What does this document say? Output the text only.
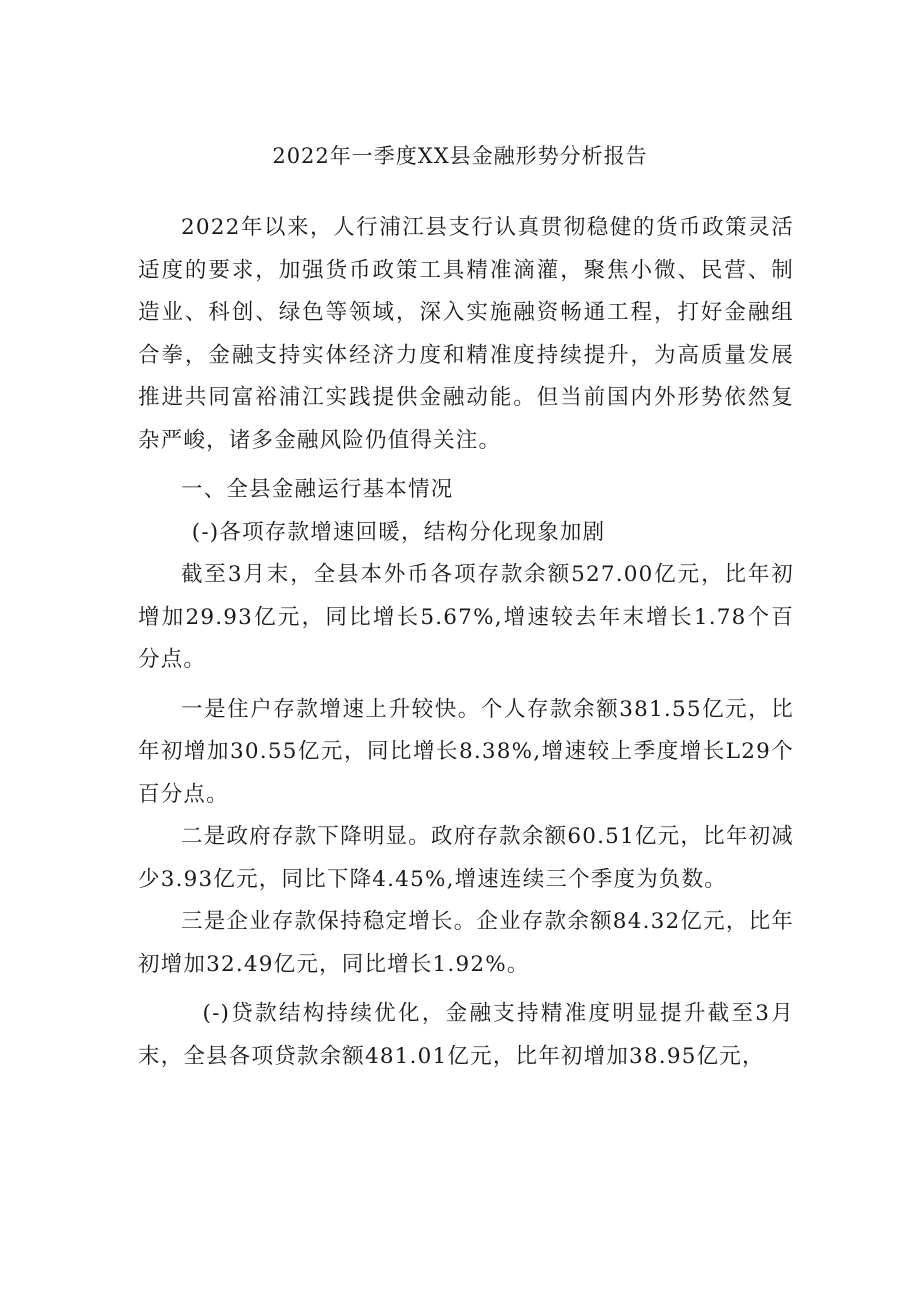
2022年一季度XX县金融形势分析报告

2022年以来，人行浦江县支行认真贯彻稳健的货币政策灵活适度的要求，加强货币政策工具精准滴灌，聚焦小微、民营、制造业、科创、绿色等领域，深入实施融资畅通工程，打好金融组合拳，金融支持实体经济力度和精准度持续提升，为高质量发展推进共同富裕浦江实践提供金融动能。但当前国内外形势依然复杂严峻，诸多金融风险仍值得关注。

一、全县金融运行基本情况

(-)各项存款增速回暖，结构分化现象加剧

截至3月末，全县本外币各项存款余额527.00亿元，比年初增加29.93亿元，同比增长5.67%,增速较去年末增长1.78个百分点。

一是住户存款增速上升较快。个人存款余额381.55亿元，比年初增加30.55亿元，同比增长8.38%,增速较上季度增长L29个百分点。

二是政府存款下降明显。政府存款余额60.51亿元，比年初减少3.93亿元，同比下降4.45%,增速连续三个季度为负数。

三是企业存款保持稳定增长。企业存款余额84.32亿元，比年初增加32.49亿元，同比增长1.92%。

(-)贷款结构持续优化，金融支持精准度明显提升截至3月末，全县各项贷款余额481.01亿元，比年初增加38.95亿元，
